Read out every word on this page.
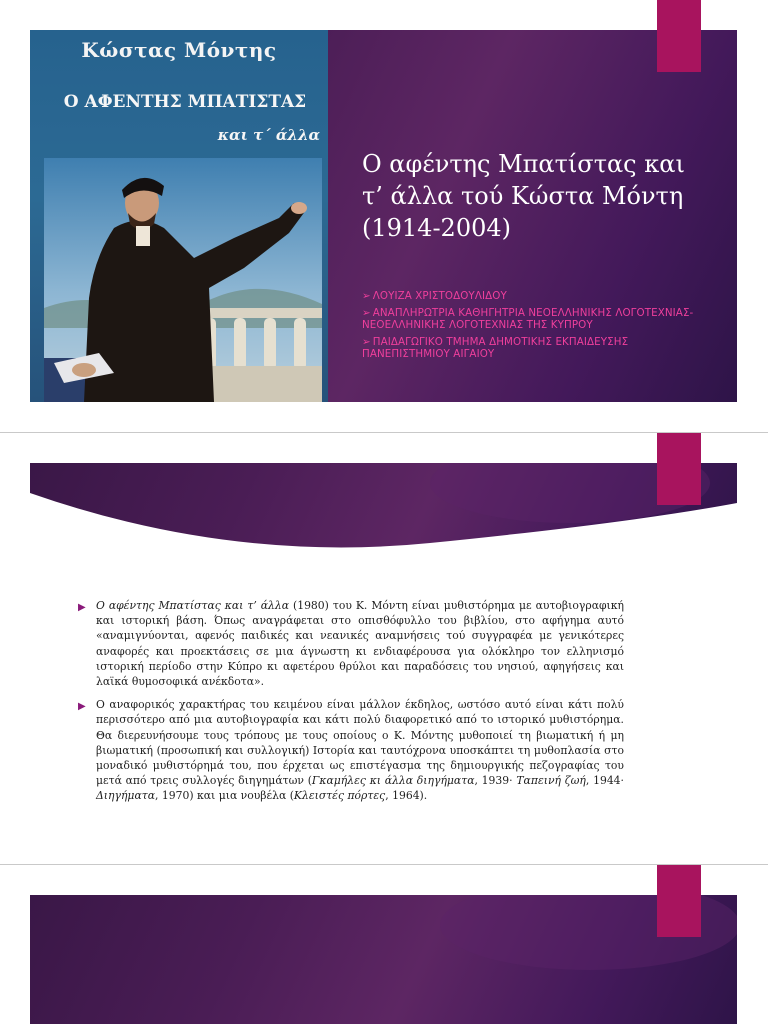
Κώστας Μόντης
Ο ΑΦΕΝΤΗΣ ΜΠΑΤΙΣΤΑΣ
και τ΄ άλλα
Ο αφέντης Μπατίστας και
τ’ άλλα τού Κώστα Μόντη
(1914-2004)
➢ ΛΟΥΙΖΑ ΧΡΙΣΤΟΔΟΥΛΙΔΟΥ
➢ ΑΝΑΠΛΗΡΩΤΡΙΑ ΚΑΘΗΓΗΤΡΙΑ ΝΕΟΕΛΛΗΝΙΚΗΣ ΛΟΓΟΤΕΧΝΙΑΣ- ΝΕΟΕΛΛΗΝΙΚΗΣ ΛΟΓΟΤΕΧΝΙΑΣ ΤΗΣ ΚΥΠΡΟΥ
➢ ΠΑΙΔΑΓΩΓΙΚΟ ΤΜΗΜΑ ΔΗΜΟΤΙΚΗΣ ΕΚΠΑΙΔΕΥΣΗΣ ΠΑΝΕΠΙΣΤΗΜΙΟΥ ΑΙΓΑΙΟΥ
▶ Ο αφέντης Μπατίστας και τ’ άλλα (1980) του Κ. Μόντη είναι μυθιστόρημα με αυτοβιογραφική και ιστορική βάση. Όπως αναγράφεται στο οπισθόφυλλο του βιβλίου, στο αφήγημα αυτό «αναμιγνύονται, αφενός παιδικές και νεανικές αναμνήσεις τού συγγραφέα με γενικότερες αναφορές και προεκτάσεις σε μια άγνωστη κι ενδιαφέρουσα για ολόκληρο τον ελληνισμό ιστορική περίοδο στην Κύπρο κι αφετέρου θρύλοι και παραδόσεις του νησιού, αφηγήσεις και λαϊκά θυμοσοφικά ανέκδοτα».
▶ Ο αναφορικός χαρακτήρας του κειμένου είναι μάλλον έκδηλος, ωστόσο αυτό είναι κάτι πολύ περισσότερο από μια αυτοβιογραφία και κάτι πολύ διαφορετικό από το ιστορικό μυθιστόρημα. Θα διερευνήσουμε τους τρόπους με τους οποίους ο Κ. Μόντης μυθοποιεί τη βιωματική ή μη βιωματική (προσωπική και συλλογική) Ιστορία και ταυτόχρονα υποσκάπτει τη μυθοπλασία στο μοναδικό μυθιστόρημά του, που έρχεται ως επιστέγασμα της δημιουργικής πεζογραφίας του μετά από τρεις συλλογές διηγημάτων (Γκαμήλες κι άλλα διηγήματα, 1939· Ταπεινή ζωή, 1944· Διηγήματα, 1970) και μια νουβέλα (Κλειστές πόρτες, 1964).
